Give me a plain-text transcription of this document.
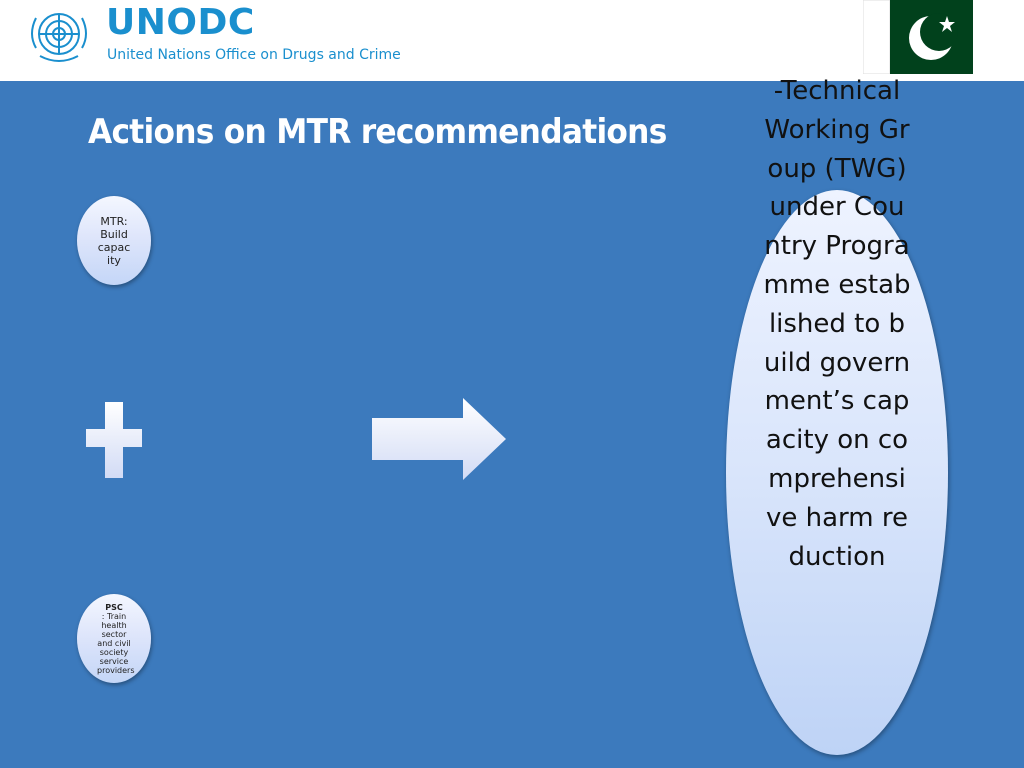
UNODC
United Nations Office on Drugs and Crime
Actions on MTR recommendations
MTR: Build capac ity
PSC
: Train health sector and civil society service providers
-Technical Working Group (TWG) under Country Programme established to build government’s capacity on comprehensive harm reduction
